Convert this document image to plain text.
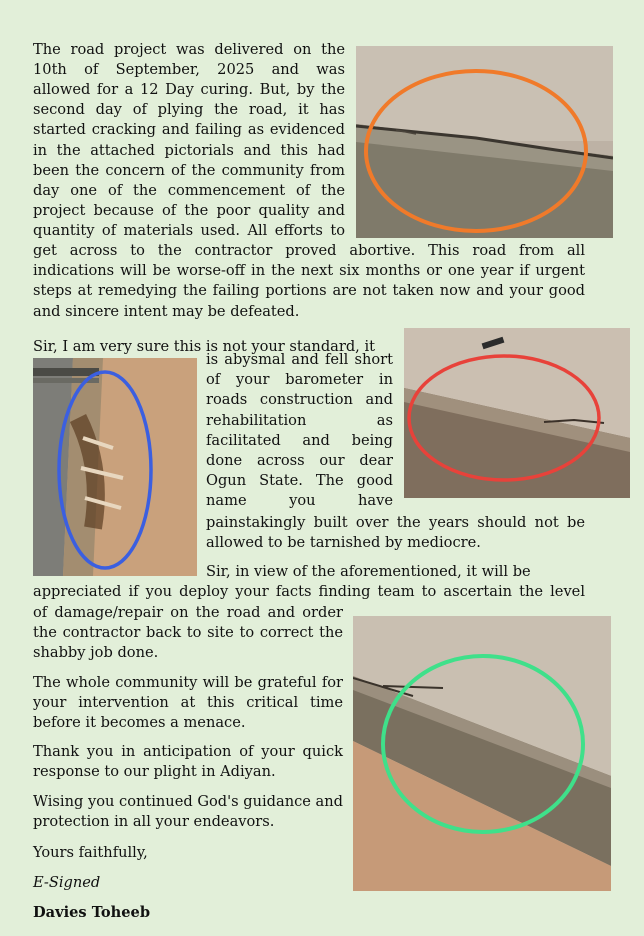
The road project was delivered on the

10th of September, 2025 and was

allowed for a 12 Day curing. But, by the

second day of plying the road, it has

started cracking and failing as evidenced

in the attached pictorials and this had

been the concern of the community from

day one of the commencement of the

project because of the poor quality and

quantity of materials used. All efforts to

get across to the contractor proved abortive. This road from all indications will be worse-off in the next six months or one year if urgent steps at remedying the failing portions are not taken now and your good and sincere intent may be defeated.

Sir, I am very sure this is not your standard, it

is abysmal and fell short

of your barometer in

roads construction and

rehabilitation as

facilitated and being

done across our dear

Ogun State. The good

name you have

painstakingly built over the years should not be allowed to be tarnished by mediocre.

Sir, in view of the aforementioned, it will be

appreciated if you deploy your facts finding team to ascertain the level

of damage/repair on the road and order

the contractor back to site to correct the

shabby job done.

The whole community will be grateful for your intervention at this critical time before it becomes a menace.

Thank you in anticipation of your quick response to our plight in Adiyan.

Wising you continued God's guidance and protection in all your endeavors.

Yours faithfully,

E-Signed

Davies Toheeb
